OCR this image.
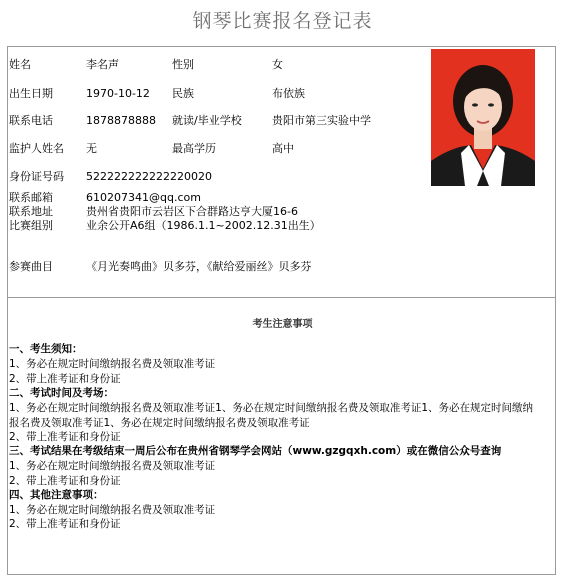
钢琴比赛报名登记表
姓名	李名声	性别	女
出生日期	1970-10-12 民族	布依族
联系电话	1878878888 就读/毕业学校	贵阳市第三实验中学
监护人姓名 无	最高学历	高中
身份证号码 522222222222220020
联系邮箱	610207341@qq.com
联系地址	贵州省贵阳市云岩区下合群路达亨大厦16-6
比赛组别	业余公开A6组（1986.1.1~2002.12.31出生）
参赛曲目	《月光奏鸣曲》贝多芬，《献给爱丽丝》贝多芬
考生注意事项
一、考生须知：
1、务必在规定时间缴纳报名费及领取准考证
2、带上准考证和身份证
二、考试时间及考场：
1、务必在规定时间缴纳报名费及领取准考证1、务必在规定时间缴纳报名费及领取准考证1、务必在规定时间缴纳
报名费及领取准考证1、务必在规定时间缴纳报名费及领取准考证
2、带上准考证和身份证
三、考试结果在考级结束一周后公布在贵州省钢琴学会网站（www.gzgqxh.com）或在微信公众号查询
1、务必在规定时间缴纳报名费及领取准考证
2、带上准考证和身份证
四、其他注意事项：
1、务必在规定时间缴纳报名费及领取准考证
2、带上准考证和身份证
